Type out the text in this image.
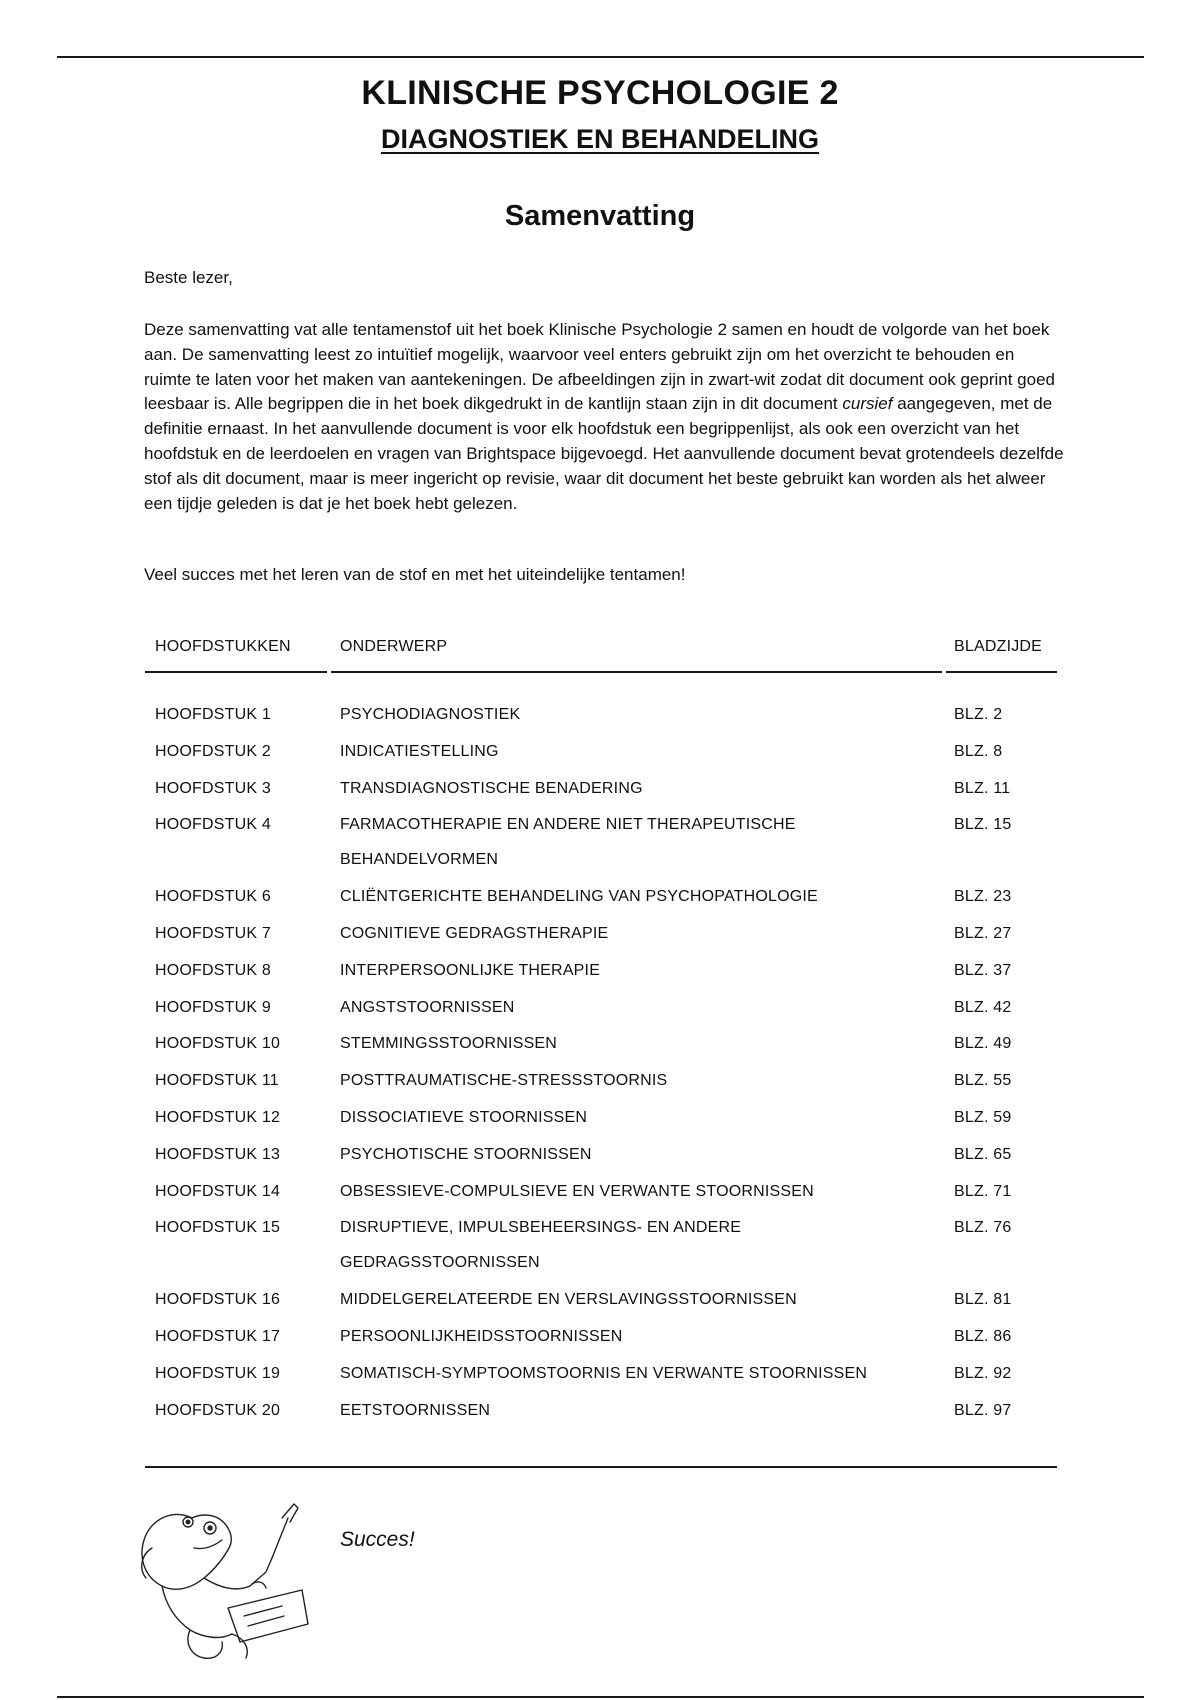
KLINISCHE PSYCHOLOGIE 2
DIAGNOSTIEK EN BEHANDELING
Samenvatting

Beste lezer,

Deze samenvatting vat alle tentamenstof uit het boek Klinische Psychologie 2 samen en houdt de volgorde van het boek aan. De samenvatting leest zo intuïtief mogelijk, waarvoor veel enters gebruikt zijn om het overzicht te behouden en ruimte te laten voor het maken van aantekeningen. De afbeeldingen zijn in zwart-wit zodat dit document ook geprint goed leesbaar is. Alle begrippen die in het boek dikgedrukt in de kantlijn staan zijn in dit document cursief aangegeven, met de definitie ernaast. In het aanvullende document is voor elk hoofdstuk een begrippenlijst, als ook een overzicht van het hoofdstuk en de leerdoelen en vragen van Brightspace bijgevoegd. Het aanvullende document bevat grotendeels dezelfde stof als dit document, maar is meer ingericht op revisie, waar dit document het beste gebruikt kan worden als het alweer een tijdje geleden is dat je het boek hebt gelezen.

Veel succes met het leren van de stof en met het uiteindelijke tentamen!

HOOFDSTUKKEN	ONDERWERP	BLADZIJDE
HOOFDSTUK 1	PSYCHODIAGNOSTIEK	BLZ. 2
HOOFDSTUK 2	INDICATIESTELLING	BLZ. 8
HOOFDSTUK 3	TRANSDIAGNOSTISCHE BENADERING	BLZ. 11
HOOFDSTUK 4	FARMACOTHERAPIE EN ANDERE NIET THERAPEUTISCHE	BLZ. 15
BEHANDELVORMEN
HOOFDSTUK 6	CLIËNTGERICHTE BEHANDELING VAN PSYCHOPATHOLOGIE	BLZ. 23
HOOFDSTUK 7	COGNITIEVE GEDRAGSTHERAPIE	BLZ. 27
HOOFDSTUK 8	INTERPERSOONLIJKE THERAPIE	BLZ. 37
HOOFDSTUK 9	ANGSTSTOORNISSEN	BLZ. 42
HOOFDSTUK 10	STEMMINGSSTOORNISSEN	BLZ. 49
HOOFDSTUK 11	POSTTRAUMATISCHE-STRESSSTOORNIS	BLZ. 55
HOOFDSTUK 12	DISSOCIATIEVE STOORNISSEN	BLZ. 59
HOOFDSTUK 13	PSYCHOTISCHE STOORNISSEN	BLZ. 65
HOOFDSTUK 14	OBSESSIEVE-COMPULSIEVE EN VERWANTE STOORNISSEN	BLZ. 71
HOOFDSTUK 15	DISRUPTIEVE, IMPULSBEHEERSINGS- EN ANDERE	BLZ. 76
GEDRAGSSTOORNISSEN
HOOFDSTUK 16	MIDDELGERELATEERDE EN VERSLAVINGSSTOORNISSEN	BLZ. 81
HOOFDSTUK 17	PERSOONLIJKHEIDSSTOORNISSEN	BLZ. 86
HOOFDSTUK 19	SOMATISCH-SYMPTOOMSTOORNIS EN VERWANTE STOORNISSEN	BLZ. 92
HOOFDSTUK 20	EETSTOORNISSEN	BLZ. 97

Succes!
